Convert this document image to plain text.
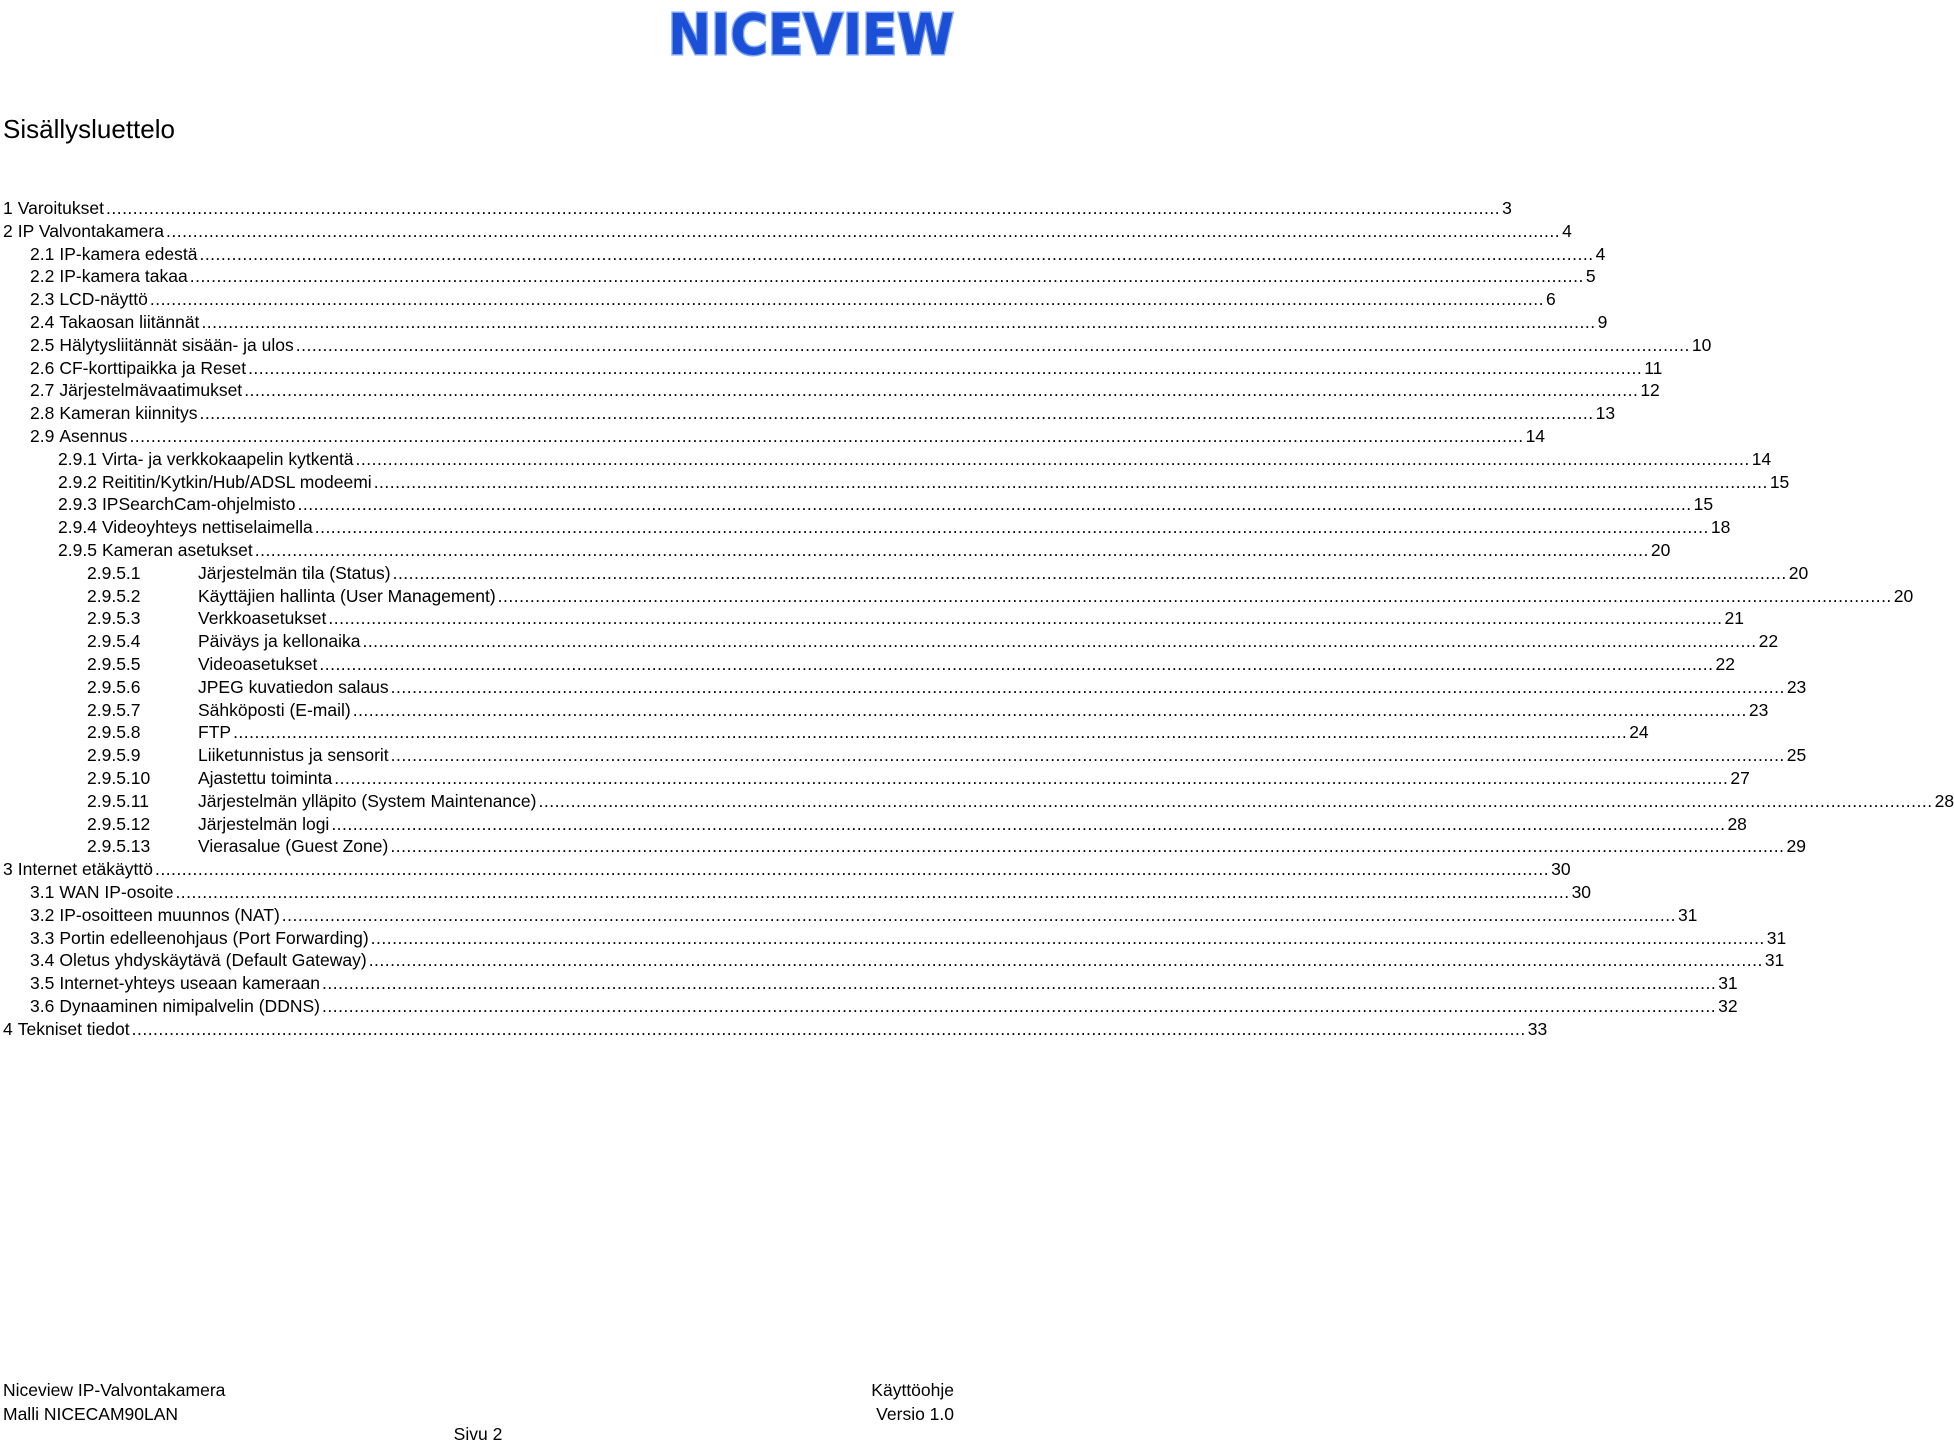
NICEVIEW
Sisällysluettelo
1 Varoitukset .................................................................................................................................................................................................................................................................... 3
2 IP Valvontakamera .................................................................................................................................................................................................................................................................... 4
2.1 IP-kamera edestä .................................................................................................................................................................................................................................................................... 4
2.2 IP-kamera takaa .................................................................................................................................................................................................................................................................... 5
2.3 LCD-näyttö .................................................................................................................................................................................................................................................................... 6
2.4 Takaosan liitännät .................................................................................................................................................................................................................................................................... 9
2.5 Hälytysliitännät sisään- ja ulos .................................................................................................................................................................................................................................................................... 10
2.6 CF-korttipaikka ja Reset .................................................................................................................................................................................................................................................................... 11
2.7 Järjestelmävaatimukset .................................................................................................................................................................................................................................................................... 12
2.8 Kameran kiinnitys .................................................................................................................................................................................................................................................................... 13
2.9 Asennus .................................................................................................................................................................................................................................................................... 14
2.9.1 Virta- ja verkkokaapelin kytkentä .................................................................................................................................................................................................................................................................... 14
2.9.2 Reititin/Kytkin/Hub/ADSL modeemi .................................................................................................................................................................................................................................................................... 15
2.9.3 IPSearchCam-ohjelmisto .................................................................................................................................................................................................................................................................... 15
2.9.4 Videoyhteys nettiselaimella .................................................................................................................................................................................................................................................................... 18
2.9.5 Kameran asetukset .................................................................................................................................................................................................................................................................... 20
2.9.5.1	Järjestelmän tila (Status) .................................................................................................................................................................................................................................................................... 20
2.9.5.2	Käyttäjien hallinta (User Management) .................................................................................................................................................................................................................................................................... 20
2.9.5.3	Verkkoasetukset .................................................................................................................................................................................................................................................................... 21
2.9.5.4	Päiväys ja kellonaika .................................................................................................................................................................................................................................................................... 22
2.9.5.5	Videoasetukset .................................................................................................................................................................................................................................................................... 22
2.9.5.6	JPEG kuvatiedon salaus .................................................................................................................................................................................................................................................................... 23
2.9.5.7	Sähköposti (E-mail) .................................................................................................................................................................................................................................................................... 23
2.9.5.8	FTP .................................................................................................................................................................................................................................................................... 24
2.9.5.9	Liiketunnistus ja sensorit .................................................................................................................................................................................................................................................................... 25
2.9.5.10	Ajastettu toiminta .................................................................................................................................................................................................................................................................... 27
2.9.5.11	Järjestelmän ylläpito (System Maintenance) .................................................................................................................................................................................................................................................................... 28
2.9.5.12	Järjestelmän logi .................................................................................................................................................................................................................................................................... 28
2.9.5.13	Vierasalue (Guest Zone) .................................................................................................................................................................................................................................................................... 29
3 Internet etäkäyttö .................................................................................................................................................................................................................................................................... 30
3.1 WAN IP-osoite .................................................................................................................................................................................................................................................................... 30
3.2 IP-osoitteen muunnos (NAT) .................................................................................................................................................................................................................................................................... 31
3.3 Portin edelleenohjaus (Port Forwarding) .................................................................................................................................................................................................................................................................... 31
3.4 Oletus yhdyskäytävä (Default Gateway) .................................................................................................................................................................................................................................................................... 31
3.5 Internet-yhteys useaan kameraan .................................................................................................................................................................................................................................................................... 31
3.6 Dynaaminen nimipalvelin (DDNS) .................................................................................................................................................................................................................................................................... 32
4 Tekniset tiedot .................................................................................................................................................................................................................................................................... 33
Niceview IP-Valvontakamera
Malli NICECAM90LAN
Käyttöohje
Versio 1.0
Sivu 2
